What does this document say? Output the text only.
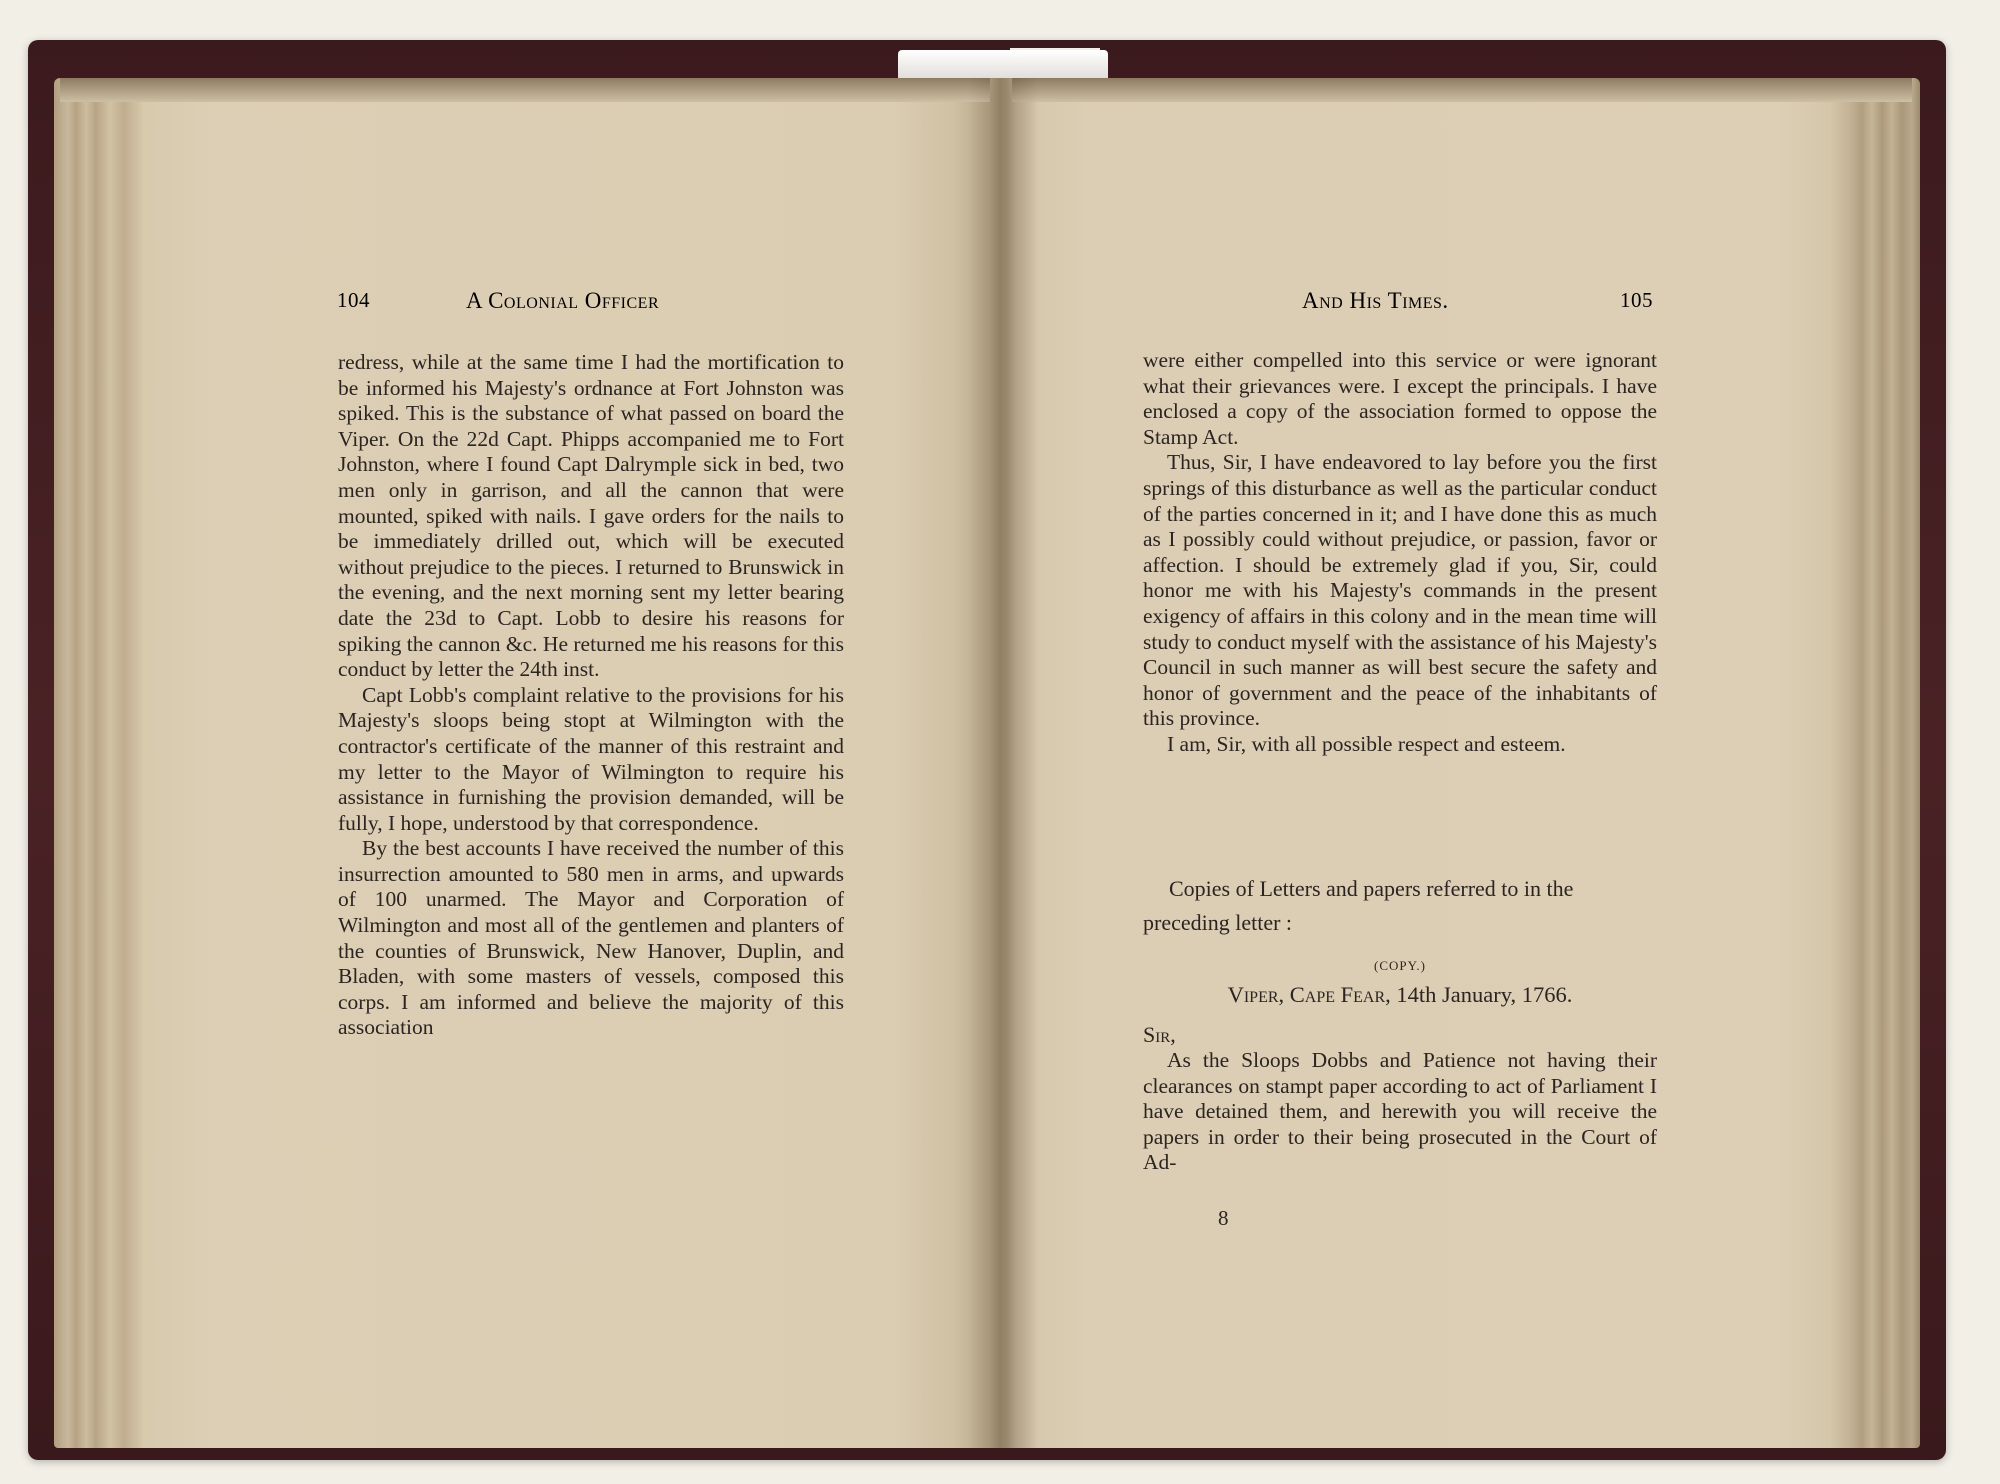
104	A Colonial Officer

redress, while at the same time I had the mortification to be informed his Majesty's ordnance at Fort Johnston was spiked. This is the substance of what passed on board the Viper. On the 22d Capt. Phipps accompanied me to Fort Johnston, where I found Capt Dalrymple sick in bed, two men only in garrison, and all the cannon that were mounted, spiked with nails. I gave orders for the nails to be immediately drilled out, which will be executed without prejudice to the pieces. I returned to Brunswick in the evening, and the next morning sent my letter bearing date the 23d to Capt. Lobb to desire his reasons for spiking the cannon &c. He returned me his reasons for this conduct by letter the 24th inst.

Capt Lobb's complaint relative to the provisions for his Majesty's sloops being stopt at Wilmington with the contractor's certificate of the manner of this restraint and my letter to the Mayor of Wilmington to require his assistance in furnishing the provision demanded, will be fully, I hope, understood by that correspondence.

By the best accounts I have received the number of this insurrection amounted to 580 men in arms, and upwards of 100 unarmed. The Mayor and Corporation of Wilmington and most all of the gentlemen and planters of the counties of Brunswick, New Hanover, Duplin, and Bladen, with some masters of vessels, composed this corps. I am informed and believe the majority of this association

And His Times.	105

were either compelled into this service or were ignorant what their grievances were. I except the principals. I have enclosed a copy of the association formed to oppose the Stamp Act.

Thus, Sir, I have endeavored to lay before you the first springs of this disturbance as well as the particular conduct of the parties concerned in it; and I have done this as much as I possibly could without prejudice, or passion, favor or affection. I should be extremely glad if you, Sir, could honor me with his Majesty's commands in the present exigency of affairs in this colony and in the mean time will study to conduct myself with the assistance of his Majesty's Council in such manner as will best secure the safety and honor of government and the peace of the inhabitants of this province.

I am, Sir, with all possible respect and esteem.

Copies of Letters and papers referred to in the preceding letter :

(COPY.)
Viper, Cape Fear, 14th January, 1766.
Sir,

As the Sloops Dobbs and Patience not having their clearances on stampt paper according to act of Parliament I have detained them, and herewith you will receive the papers in order to their being prosecuted in the Court of Ad-

8
